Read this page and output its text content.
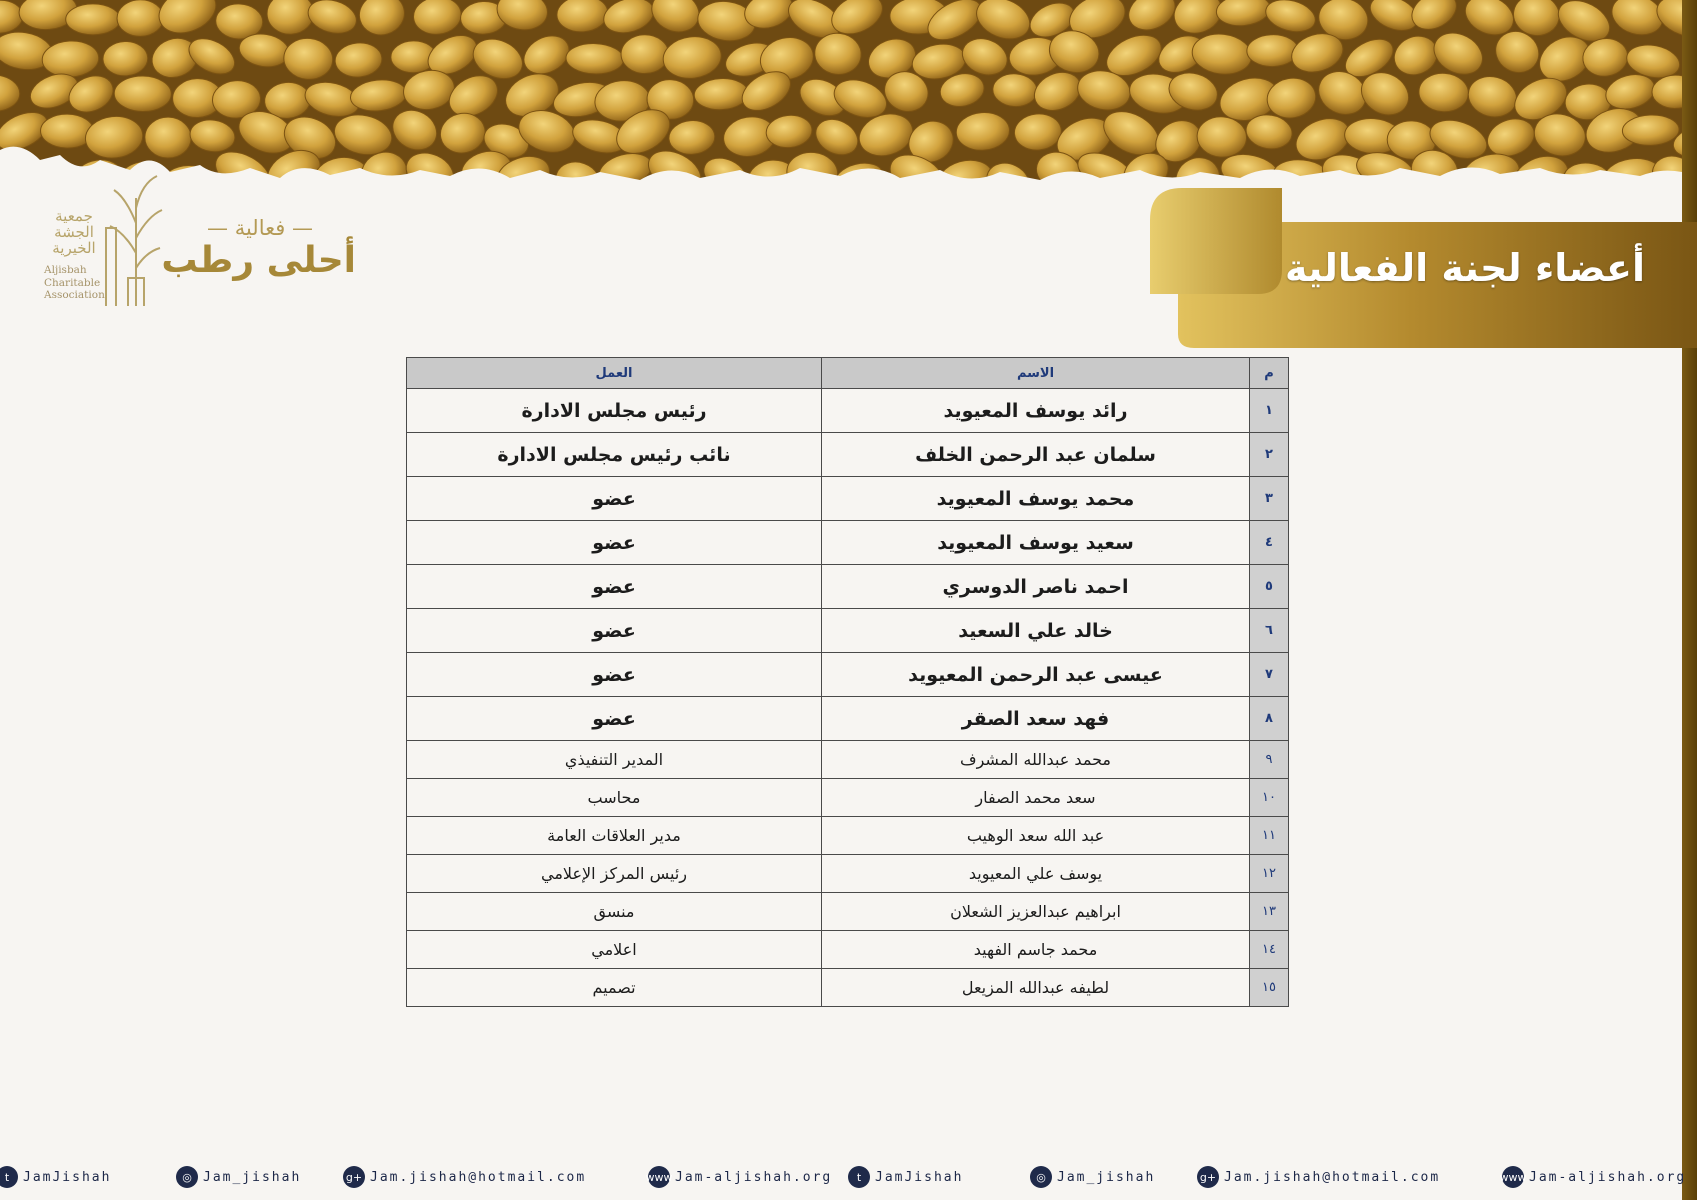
أعضاء لجنة الفعالية
جمعية الجشة الخيرية
Aljisbah
Charitable
Association
— فعالية —
أحلى رطب
م	الاسم	العمل
١	رائد يوسف المعيويد	رئيس مجلس الادارة
٢	سلمان عبد الرحمن الخلف	نائب رئيس مجلس الادارة
٣	محمد يوسف المعيويد	عضو
٤	سعيد يوسف المعيويد	عضو
٥	احمد ناصر الدوسري	عضو
٦	خالد علي السعيد	عضو
٧	عيسى عبد الرحمن المعيويد	عضو
٨	فهد سعد الصقر	عضو
٩	محمد عبدالله المشرف	المدير التنفيذي
١٠	سعد محمد الصفار	محاسب
١١	عبد الله سعد الوهيب	مدير العلاقات العامة
١٢	يوسف علي المعيويد	رئيس المركز الإعلامي
١٣	ابراهيم عبدالعزيز الشعلان	منسق
١٤	محمد جاسم الفهيد	اعلامي
١٥	لطيفه عبدالله المزيعل	تصميم
t	JamJishah	◎ Jam_jishah	g+ Jam.jishah@hotmail.com	www Jam-aljishah.org	t	JamJishah	◎ Jam_jishah	g+ Jam.jishah@hotmail.com	www Jam-aljishah.org
